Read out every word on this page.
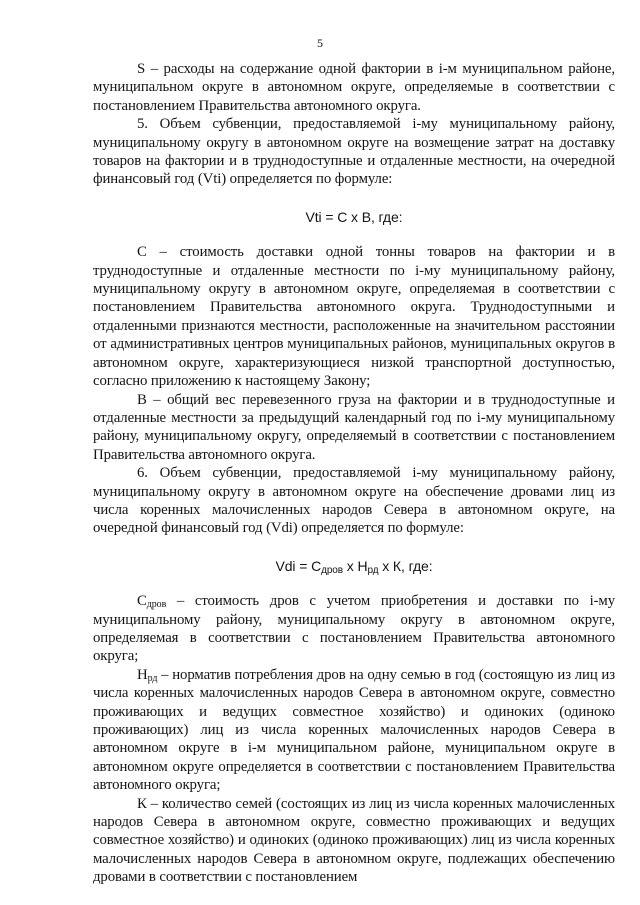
5

S – расходы на содержание одной фактории в i-м муниципальном районе, муниципальном округе в автономном округе, определяемые в соответствии с постановлением Правительства автономного округа.

5. Объем субвенции, предоставляемой i-му муниципальному району, муниципальному округу в автономном округе на возмещение затрат на доставку товаров на фактории и в труднодоступные и отдаленные местности, на очередной финансовый год (Vti) определяется по формуле:

Vti = С х В, где:

С – стоимость доставки одной тонны товаров на фактории и в труднодоступные и отдаленные местности по i-му муниципальному району, муниципальному округу в автономном округе, определяемая в соответствии с постановлением Правительства автономного округа. Труднодоступными и отдаленными признаются местности, расположенные на значительном расстоянии от административных центров муниципальных районов, муниципальных округов в автономном округе, характеризующиеся низкой транспортной доступностью, согласно приложению к настоящему Закону;

В – общий вес перевезенного груза на фактории и в труднодоступные и отдаленные местности за предыдущий календарный год по i-му муниципальному району, муниципальному округу, определяемый в соответствии с постановлением Правительства автономного округа.

6. Объем субвенции, предоставляемой i-му муниципальному району, муниципальному округу в автономном округе на обеспечение дровами лиц из числа коренных малочисленных народов Севера в автономном округе, на очередной финансовый год (Vdi) определяется по формуле:

Vdi = $С_{дров}$ х $Н_{рд}$ х К, где:

$С_{дров}$ – стоимость дров с учетом приобретения и доставки по i-му муниципальному району, муниципальному округу в автономном округе, определяемая в соответствии с постановлением Правительства автономного округа;

$Н_{рд}$ – норматив потребления дров на одну семью в год (состоящую из лиц из числа коренных малочисленных народов Севера в автономном округе, совместно проживающих и ведущих совместное хозяйство) и одиноких (одиноко проживающих) лиц из числа коренных малочисленных народов Севера в автономном округе в i-м муниципальном районе, муниципальном округе в автономном округе определяется в соответствии с постановлением Правительства автономного округа;

К – количество семей (состоящих из лиц из числа коренных малочисленных народов Севера в автономном округе, совместно проживающих и ведущих совместное хозяйство) и одиноких (одиноко проживающих) лиц из числа коренных малочисленных народов Севера в автономном округе, подлежащих обеспечению дровами в соответствии с постановлением
